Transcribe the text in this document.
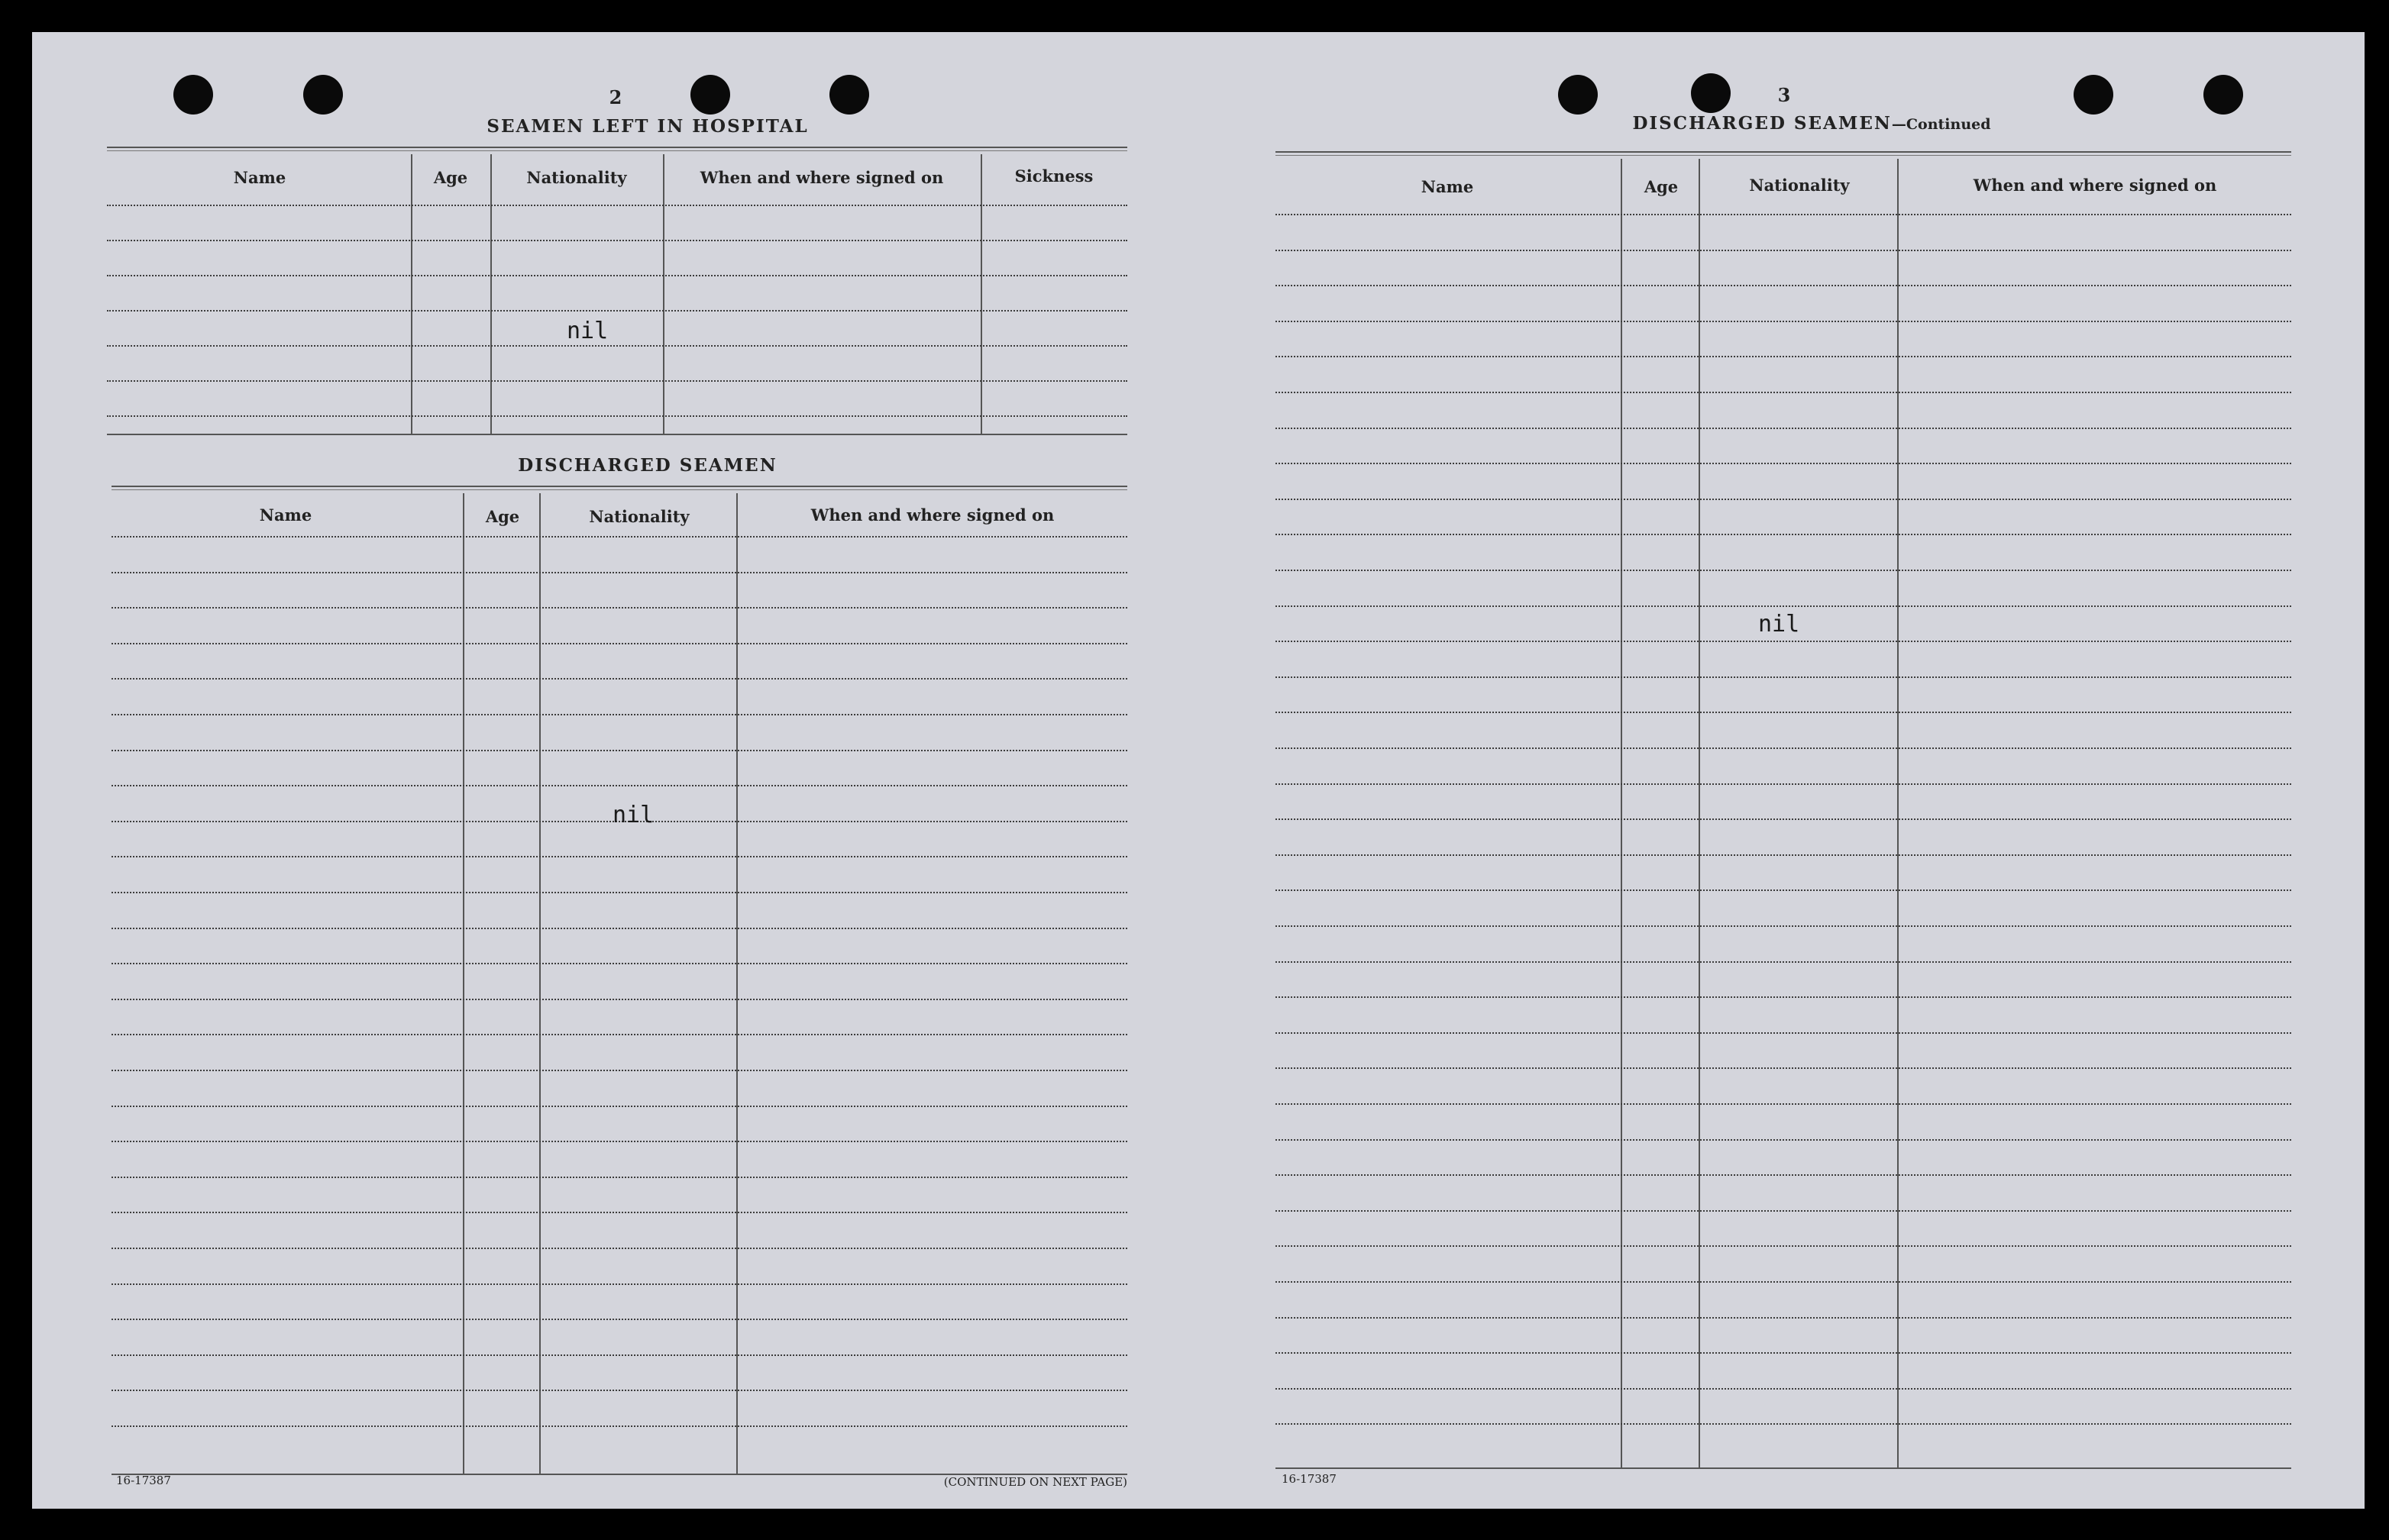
2
SEAMEN LEFT IN HOSPITAL
Name	Age	Nationality	When and where signed on	Sickness
nil
DISCHARGED SEAMEN
Name	Age	Nationality	When and where signed on
nil
16-17387	(CONTINUED ON NEXT PAGE)
3
DISCHARGED SEAMEN—Continued
Name	Age	Nationality	When and where signed on
nil
16-17387
